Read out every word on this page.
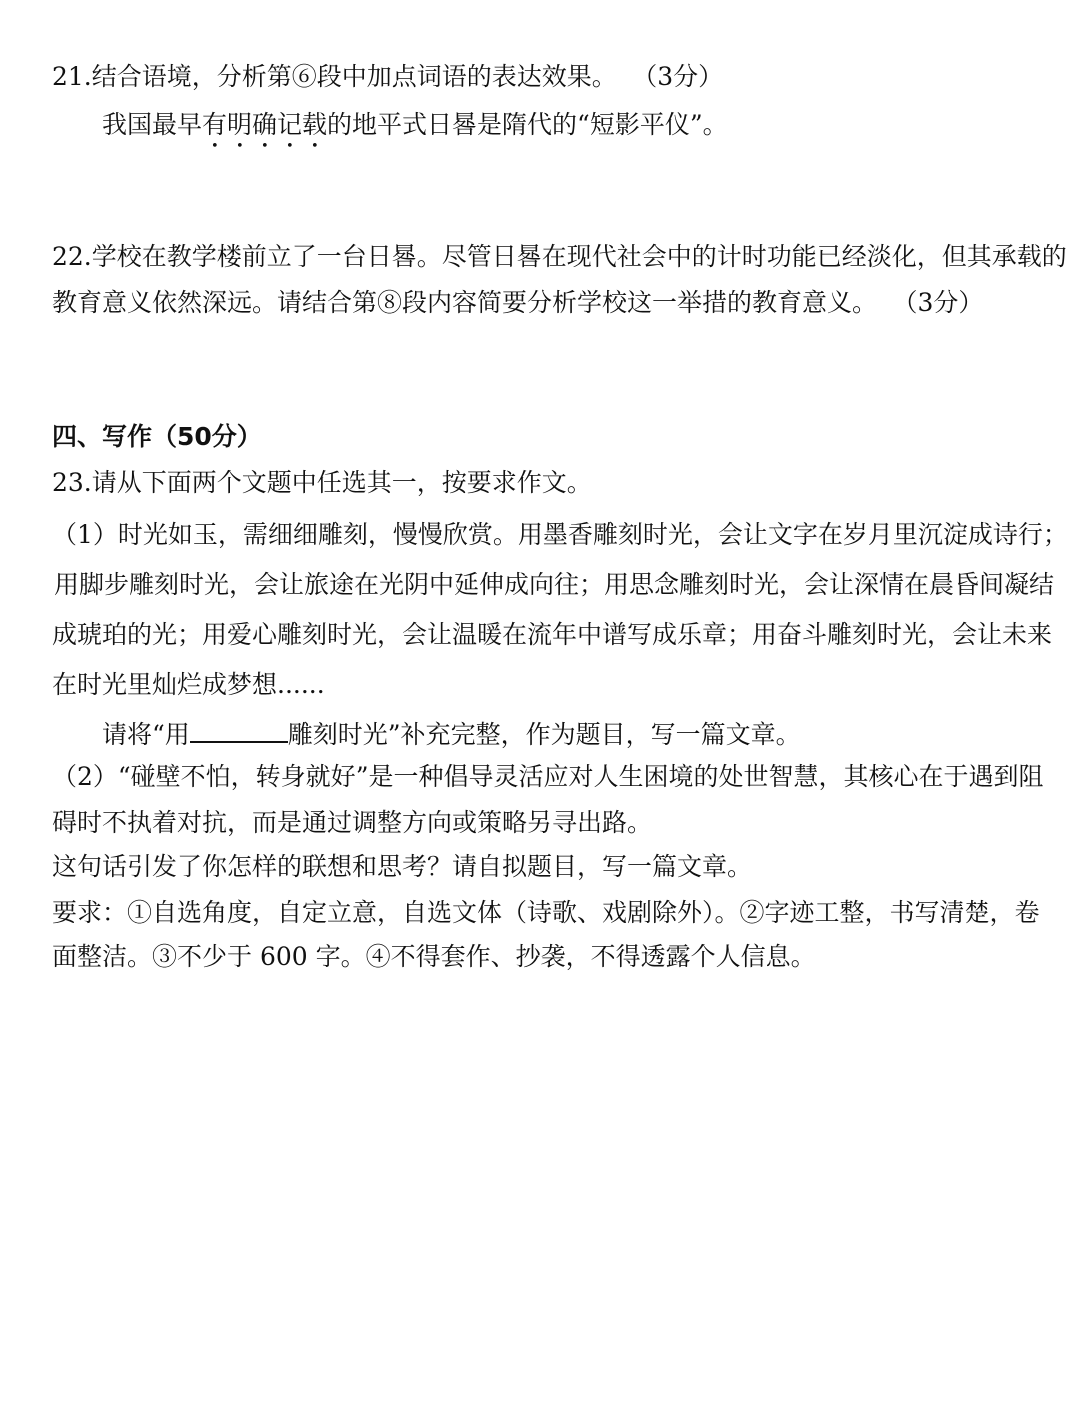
21.结合语境，分析第⑥段中加点词语的表达效果。 （3分）
我国最早有明确记载的地平式日晷是隋代的“短影平仪”。
22.学校在教学楼前立了一台日晷。尽管日晷在现代社会中的计时功能已经淡化，但其承载的
教育意义依然深远。请结合第⑧段内容简要分析学校这一举措的教育意义。 （3分）
四、写作（50分）
23.请从下面两个文题中任选其一，按要求作文。
（1）时光如玉，需细细雕刻，慢慢欣赏。用墨香雕刻时光，会让文字在岁月里沉淀成诗行；
用脚步雕刻时光，会让旅途在光阴中延伸成向往；用思念雕刻时光，会让深情在晨昏间凝结
成琥珀的光；用爱心雕刻时光，会让温暖在流年中谱写成乐章；用奋斗雕刻时光，会让未来
在时光里灿烂成梦想......
请将“用	雕刻时光”补充完整，作为题目，写一篇文章。
（2）“碰壁不怕，转身就好”是一种倡导灵活应对人生困境的处世智慧，其核心在于遇到阻
碍时不执着对抗，而是通过调整方向或策略另寻出路。
这句话引发了你怎样的联想和思考？请自拟题目，写一篇文章。
要求：①自选角度，自定立意，自选文体（诗歌、戏剧除外）。②字迹工整，书写清楚，卷
面整洁。③不少于 600 字。④不得套作、抄袭，不得透露个人信息。
